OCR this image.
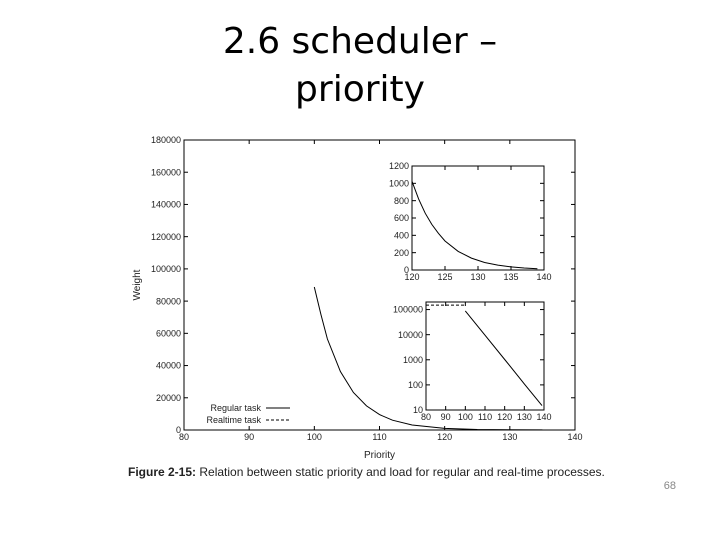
2.6 scheduler –
priority
80	90	100	110	120	130	140
0
20000
40000
60000
80000
100000
120000
140000
160000
180000
Priority
Weight
Regular task
Realtime task
120 125 130 135 140
0
200
400
600
800
1000
1200
80 90 100 110 120 130 140
10
100
1000
10000
100000
Figure 2-15: Relation between static priority and load for regular and real-time processes.
68
